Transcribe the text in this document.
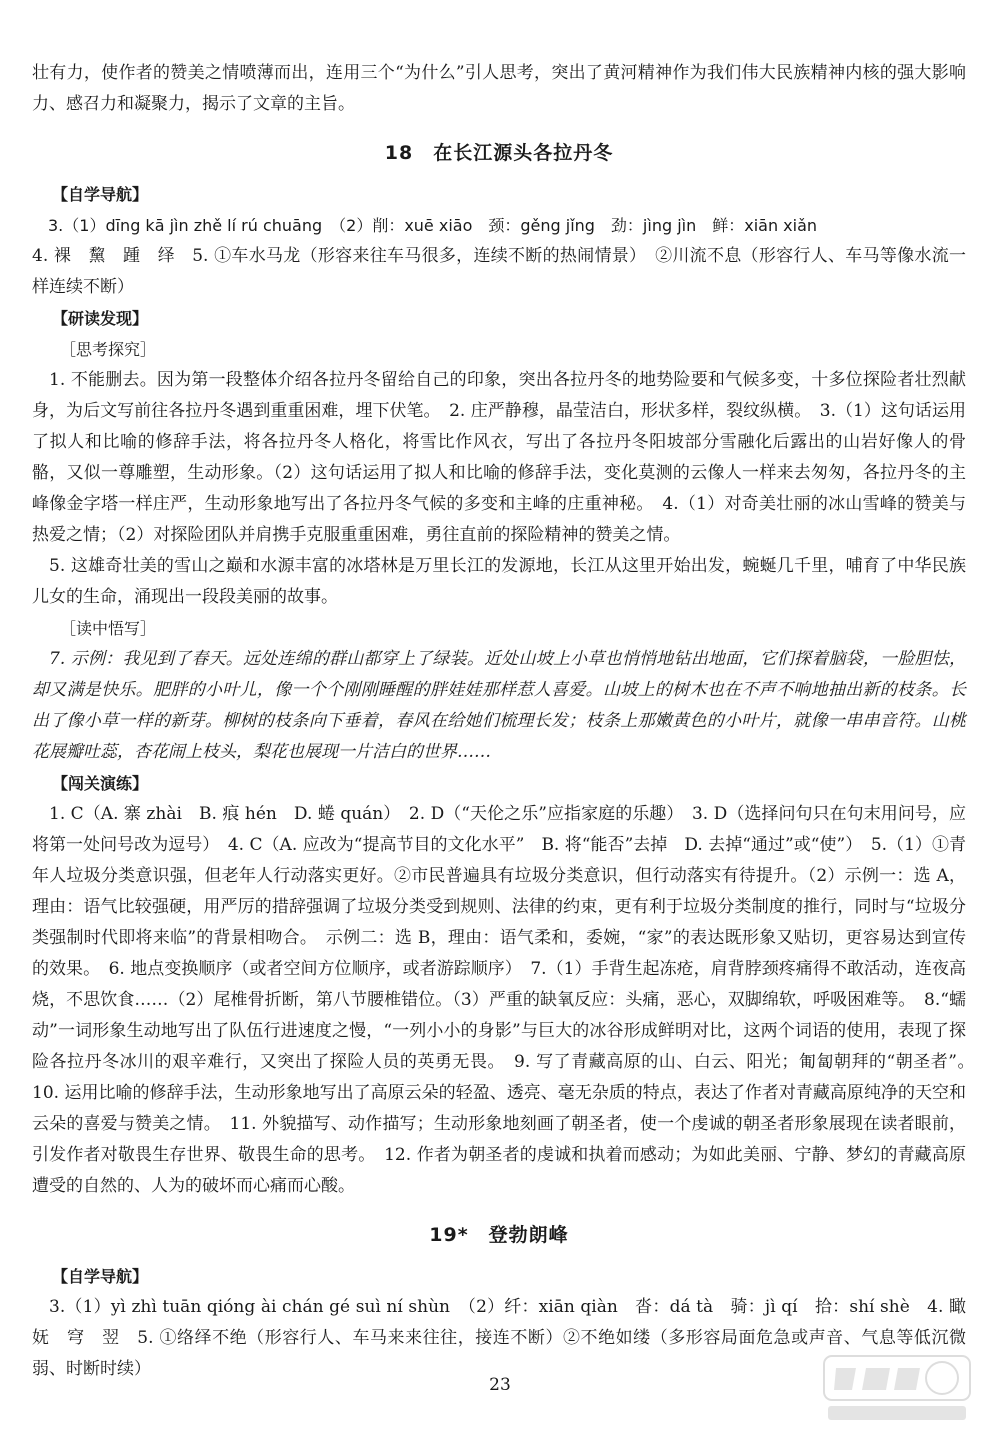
壮有力，使作者的赞美之情喷薄而出，连用三个“为什么”引人思考，突出了黄河精神作为我们伟大民族精神内核的强大影响力、感召力和凝聚力，揭示了文章的主旨。

18　在长江源头各拉丹冬
【自学导航】

3.（1）dīng kā jìn zhě lí rú chuāng　（2）削：xuē xiāo　颈：gěng jǐng　劲：jìng jìn　鲜：xiān xiǎn

4. 裸　黧　踵　绎　5. ①车水马龙（形容来往车马很多，连续不断的热闹情景）　②川流不息（形容行人、车马等像水流一样连续不断）

【研读发现】
［思考探究］

1. 不能删去。因为第一段整体介绍各拉丹冬留给自己的印象，突出各拉丹冬的地势险要和气候多变，十多位探险者壮烈献身，为后文写前往各拉丹冬遇到重重困难，埋下伏笔。　2. 庄严静穆，晶莹洁白，形状多样，裂纹纵横。　3.（1）这句话运用了拟人和比喻的修辞手法，将各拉丹冬人格化，将雪比作风衣，写出了各拉丹冬阳坡部分雪融化后露出的山岩好像人的骨骼，又似一尊雕塑，生动形象。（2）这句话运用了拟人和比喻的修辞手法，变化莫测的云像人一样来去匆匆，各拉丹冬的主峰像金字塔一样庄严，生动形象地写出了各拉丹冬气候的多变和主峰的庄重神秘。　4.（1）对奇美壮丽的冰山雪峰的赞美与热爱之情；（2）对探险团队并肩携手克服重重困难，勇往直前的探险精神的赞美之情。

5. 这雄奇壮美的雪山之巅和水源丰富的冰塔林是万里长江的发源地，长江从这里开始出发，蜿蜒几千里，哺育了中华民族儿女的生命，涌现出一段段美丽的故事。

［读中悟写］

7. 示例：我见到了春天。远处连绵的群山都穿上了绿装。近处山坡上小草也悄悄地钻出地面，它们探着脑袋，一脸胆怯，却又满是快乐。肥胖的小叶儿，像一个个刚刚睡醒的胖娃娃那样惹人喜爱。山坡上的树木也在不声不响地抽出新的枝条。长出了像小草一样的新芽。柳树的枝条向下垂着，春风在给她们梳理长发；枝条上那嫩黄色的小叶片，就像一串串音符。山桃花展瓣吐蕊，杏花闹上枝头，梨花也展现一片洁白的世界……

【闯关演练】

1. C（A. 寨 zhài　B. 痕 hén　D. 蜷 quán）　2. D（“天伦之乐”应指家庭的乐趣）　3. D（选择问句只在句末用问号，应将第一处问号改为逗号）　4. C（A. 应改为“提高节目的文化水平”　B. 将“能否”去掉　D. 去掉“通过”或“使”）　5.（1）①青年人垃圾分类意识强，但老年人行动落实更好。②市民普遍具有垃圾分类意识，但行动落实有待提升。（2）示例一：选 A，理由：语气比较强硬，用严厉的措辞强调了垃圾分类受到规则、法律的约束，更有利于垃圾分类制度的推行，同时与“垃圾分类强制时代即将来临”的背景相吻合。　示例二：选 B，理由：语气柔和，委婉，“家”的表达既形象又贴切，更容易达到宣传的效果。　6. 地点变换顺序（或者空间方位顺序，或者游踪顺序）　7.（1）手背生起冻疮，肩背脖颈疼痛得不敢活动，连夜高烧，不思饮食……（2）尾椎骨折断，第八节腰椎错位。（3）严重的缺氧反应：头痛，恶心，双脚绵软，呼吸困难等。　8.“蠕动”一词形象生动地写出了队伍行进速度之慢，“一列小小的身影”与巨大的冰谷形成鲜明对比，这两个词语的使用，表现了探险各拉丹冬冰川的艰辛难行，又突出了探险人员的英勇无畏。　9. 写了青藏高原的山、白云、阳光；匍匐朝拜的“朝圣者”。　10. 运用比喻的修辞手法，生动形象地写出了高原云朵的轻盈、透亮、毫无杂质的特点，表达了作者对青藏高原纯净的天空和云朵的喜爱与赞美之情。　11. 外貌描写、动作描写；生动形象地刻画了朝圣者，使一个虔诚的朝圣者形象展现在读者眼前，引发作者对敬畏生存世界、敬畏生命的思考。　12. 作者为朝圣者的虔诚和执着而感动；为如此美丽、宁静、梦幻的青藏高原遭受的自然的、人为的破坏而心痛而心酸。

19*　登勃朗峰
【自学导航】

3.（1）yì zhì tuān qióng ài chán gé suì ní shùn　（2）纤：xiān qiàn　沓：dá tà　骑：jì qí　拾：shí shè　4. 瞰　妩　穹　翌　5. ①络绎不绝（形容行人、车马来来往往，接连不断）②不绝如缕（多形容局面危急或声音、气息等低沉微弱、时断时续）

23
